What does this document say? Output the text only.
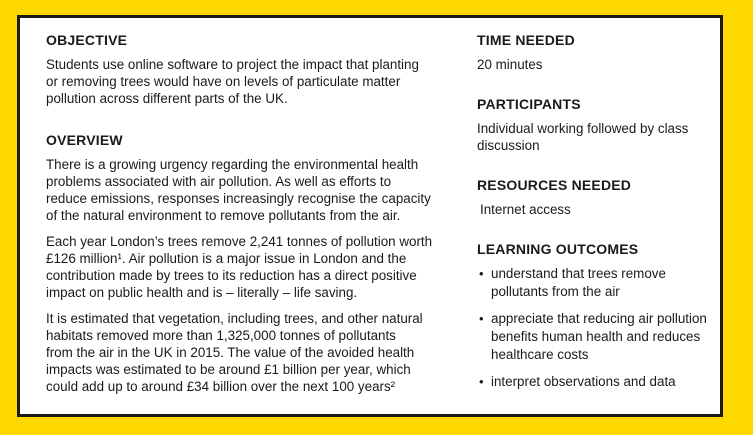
OBJECTIVE

Students use online software to project the impact that planting
or removing trees would have on levels of particulate matter
pollution across different parts of the UK.

OVERVIEW

There is a growing urgency regarding the environmental health
problems associated with air pollution. As well as efforts to
reduce emissions, responses increasingly recognise the capacity
of the natural environment to remove pollutants from the air.

Each year London’s trees remove 2,241 tonnes of pollution worth
£126 million¹. Air pollution is a major issue in London and the
contribution made by trees to its reduction has a direct positive
impact on public health and is – literally – life saving.

It is estimated that vegetation, including trees, and other natural
habitats removed more than 1,325,000 tonnes of pollutants
from the air in the UK in 2015. The value of the avoided health
impacts was estimated to be around £1 billion per year, which
could add up to around £34 billion over the next 100 years²

TIME NEEDED

20 minutes

PARTICIPANTS

Individual working followed by class
discussion

RESOURCES NEEDED

Internet access

LEARNING OUTCOMES
• understand that trees remove
pollutants from the air
• appreciate that reducing air pollution
benefits human health and reduces
healthcare costs
• interpret observations and data
